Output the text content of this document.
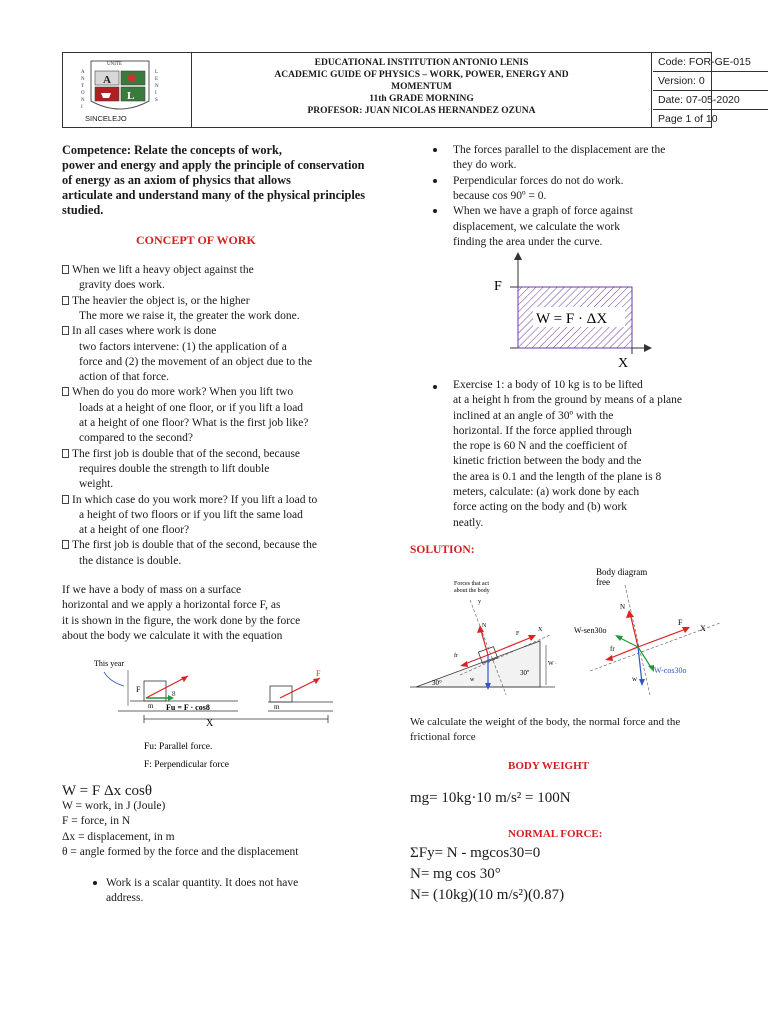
A
L
UNITE
A
N
T
O
N
I
L
E
N
I
S
SINCELEJO
EDUCATIONAL INSTITUTION ANTONIO LENIS
ACADEMIC GUIDE OF PHYSICS – WORK, POWER, ENERGY AND
MOMENTUM
11th GRADE MORNING
PROFESOR: JUAN NICOLAS HERNANDEZ OZUNA
Code: FOR-GE-015
Version: 0
Date: 07-05-2020
Page 1 of 10
Competence: Relate the concepts of work,
power and energy and apply the principle of conservation
of energy as an axiom of physics that allows
articulate and understand many of the physical principles
studied.
CONCEPT OF WORK
When we lift a heavy object against the
gravity does work.
The heavier the object is, or the higher
The more we raise it, the greater the work done.
In all cases where work is done
two factors intervene: (1) the application of a
force and (2) the movement of an object due to the
action of that force.
When do you do more work? When you lift two
loads at a height of one floor, or if you lift a load
at a height of one floor? What is the first job like?
compared to the second?
The first job is double that of the second, because
requires double the strength to lift double
weight.
In which case do you work more? If you lift a load to
a height of two floors or if you lift the same load
at a height of one floor?
The first job is double that of the second, because the
the distance is double.
If we have a body of mass on a surface
horizontal and we apply a horizontal force F, as
it is shown in the figure, the work done by the force
about the body we calculate it with the equation
This year
F
m
8
Fu = F · cos8	m
F
X
Fu: Parallel force.
F: Perpendicular force
W = F Δx cosθ
W = work, in J (Joule)
F = force, in N
Δx = displacement, in m
θ = angle formed by the force and the displacement
Work is a scalar quantity. It does not have
address.
The forces parallel to the displacement are the
they do work.
Perpendicular forces do not do work.
because cos 90º = 0.
When we have a graph of force against
displacement, we calculate the work
finding the area under the curve.
W = F · ΔX
F
X
Exercise 1: a body of 10 kg is to be lifted
at a height h from the ground by means of a plane
inclined at an angle of 30º with the
horizontal. If the force applied through
the rope is 60 N and the coefficient of
kinetic friction between the body and the
the area is 0.1 and the length of the plane is 8
meters, calculate: (a) work done by each
force acting on the body and (b) work
neatly.
SOLUTION:
Forces that act
about the body
Body diagram
free
30°
N
F
fr
w
30º
y
X
W ·
W-sen30o
W-cos30o
N
F
X
fr
w
We calculate the weight of the body, the normal force and the
frictional force
BODY WEIGHT
mg= 10kg·10 m/s² = 100N
NORMAL FORCE:
ΣFy= N - mgcos30=0
N= mg cos 30°
N= (10kg)(10 m/s²)(0.87)
